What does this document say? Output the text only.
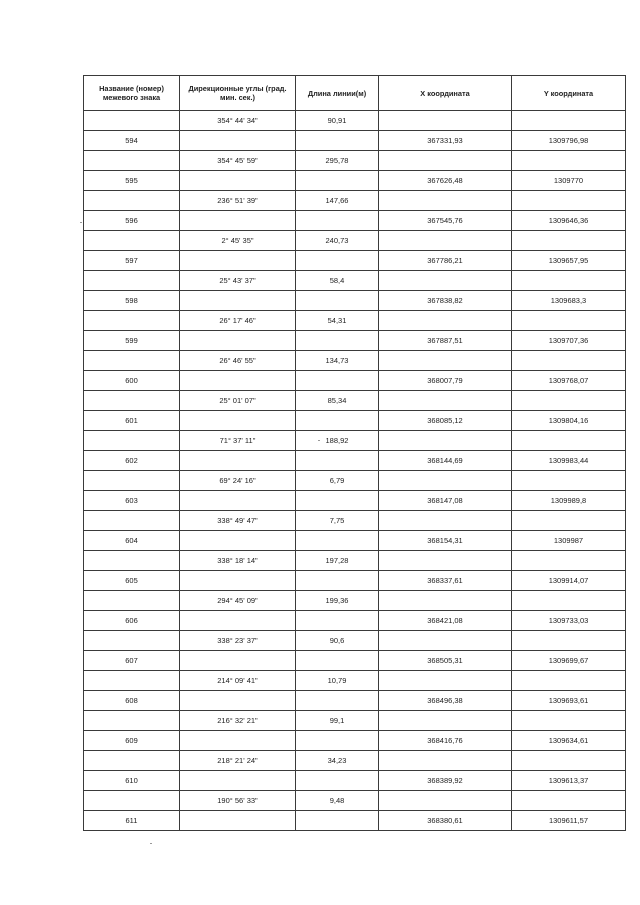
Название (номер) межевого знака	Дирекционные углы (град. мин. сек.)	Длина линии(м)	X координата	Y координата
	354° 44' 34"	90,91		
594			367331,93	1309796,98
	354° 45' 59"	295,78		
595			367626,48	1309770
	236° 51' 39"	147,66		
596			367545,76	1309646,36
	2° 45' 35"	240,73		
597			367786,21	1309657,95
	25° 43' 37"	58,4		
598			367838,82	1309683,3
	26° 17' 46"	54,31		
599			367887,51	1309707,36
	26° 46' 55"	134,73		
600			368007,79	1309768,07
	25° 01' 07"	85,34		
601			368085,12	1309804,16
	71° 37' 11"	188,92		
602			368144,69	1309983,44
	69° 24' 16"	6,79		
603			368147,08	1309989,8
	338° 49' 47"	7,75		
604			368154,31	1309987
	338° 18' 14"	197,28		
605			368337,61	1309914,07
	294° 45' 09"	199,36		
606			368421,08	1309733,03
	338° 23' 37"	90,6		
607			368505,31	1309699,67
	214° 09' 41"	10,79		
608			368496,38	1309693,61
	216° 32' 21"	99,1		
609			368416,76	1309634,61
	218° 21' 24"	34,23		
610			368389,92	1309613,37
	190° 56' 33"	9,48		
611			368380,61	1309611,57
